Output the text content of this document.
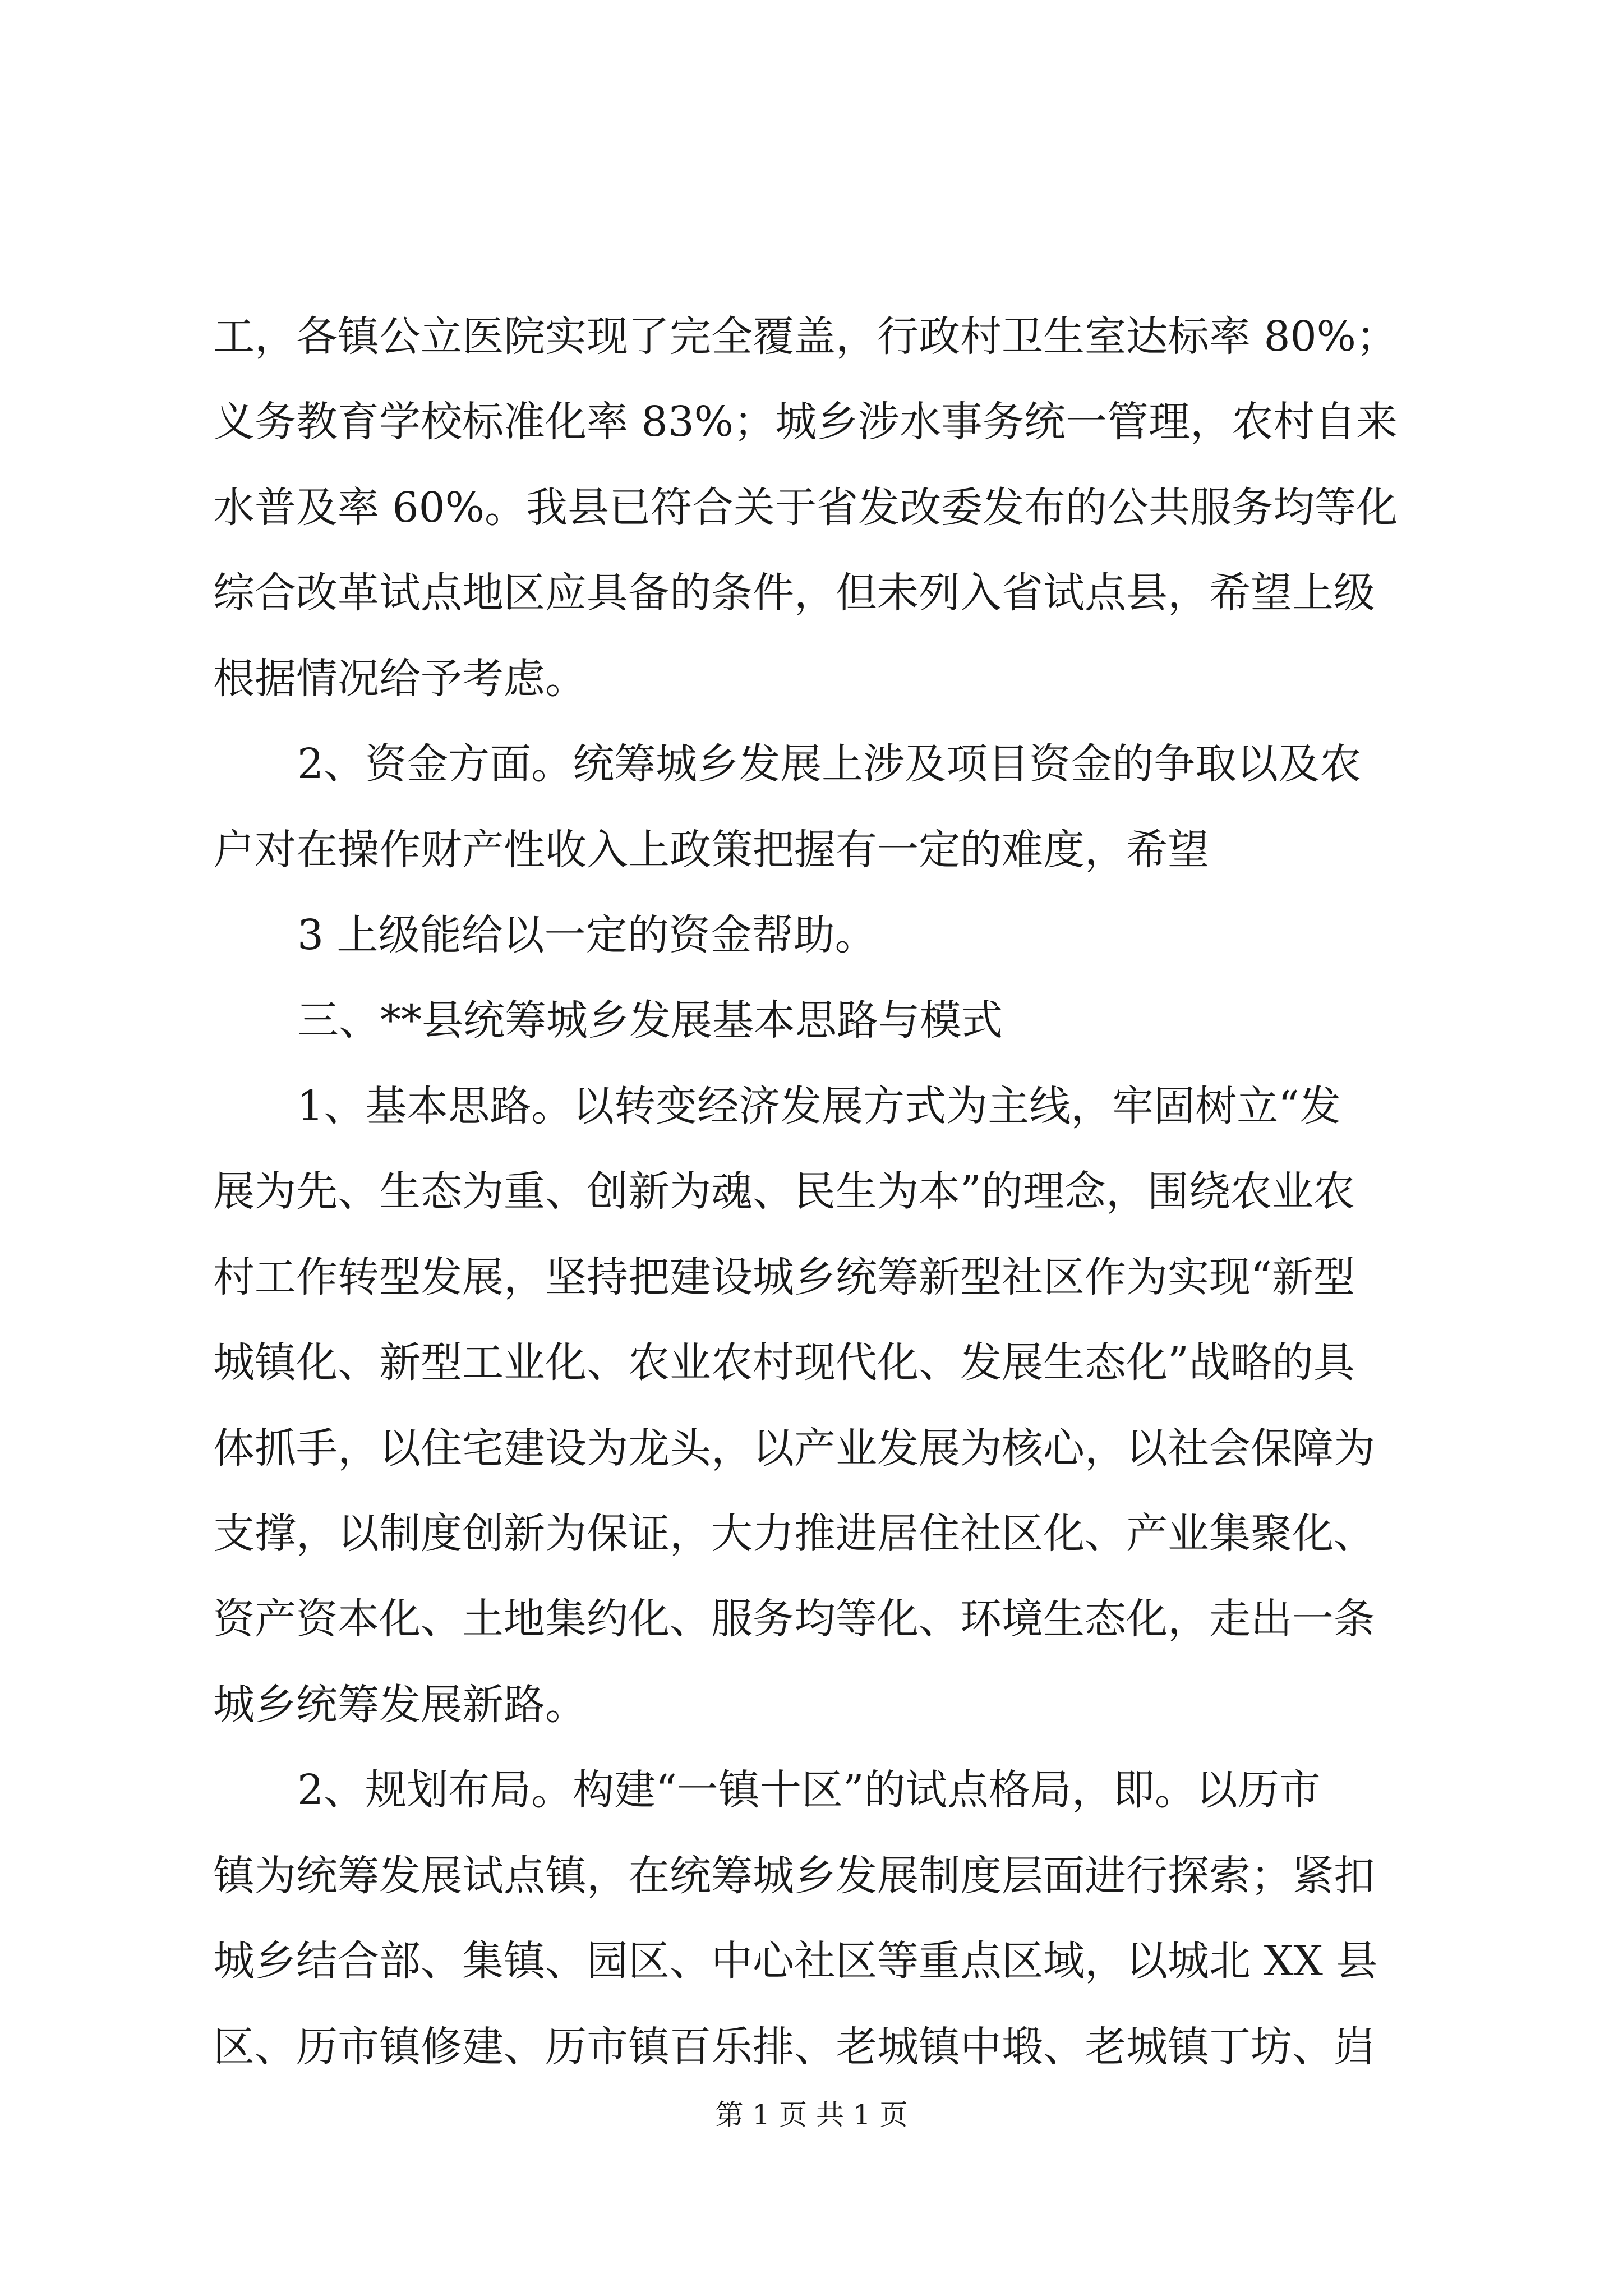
工，各镇公立医院实现了完全覆盖，行政村卫生室达标率 80%；
义务教育学校标准化率 83%；城乡涉水事务统一管理，农村自来
水普及率 60%。我县已符合关于省发改委发布的公共服务均等化
综合改革试点地区应具备的条件，但未列入省试点县，希望上级
根据情况给予考虑。
2、资金方面。统筹城乡发展上涉及项目资金的争取以及农
户对在操作财产性收入上政策把握有一定的难度，希望
3 上级能给以一定的资金帮助。
三、**县统筹城乡发展基本思路与模式
1、基本思路。以转变经济发展方式为主线，牢固树立“发
展为先、生态为重、创新为魂、民生为本”的理念，围绕农业农
村工作转型发展，坚持把建设城乡统筹新型社区作为实现“新型
城镇化、新型工业化、农业农村现代化、发展生态化”战略的具
体抓手，以住宅建设为龙头，以产业发展为核心，以社会保障为
支撑，以制度创新为保证，大力推进居住社区化、产业集聚化、
资产资本化、土地集约化、服务均等化、环境生态化，走出一条
城乡统筹发展新路。
2、规划布局。构建“一镇十区”的试点格局，即。以历市
镇为统筹发展试点镇，在统筹城乡发展制度层面进行探索；紧扣
城乡结合部、集镇、园区、中心社区等重点区域，以城北 XX 县
区、历市镇修建、历市镇百乐排、老城镇中塅、老城镇丁坊、岿
第 1 页 共 1 页
